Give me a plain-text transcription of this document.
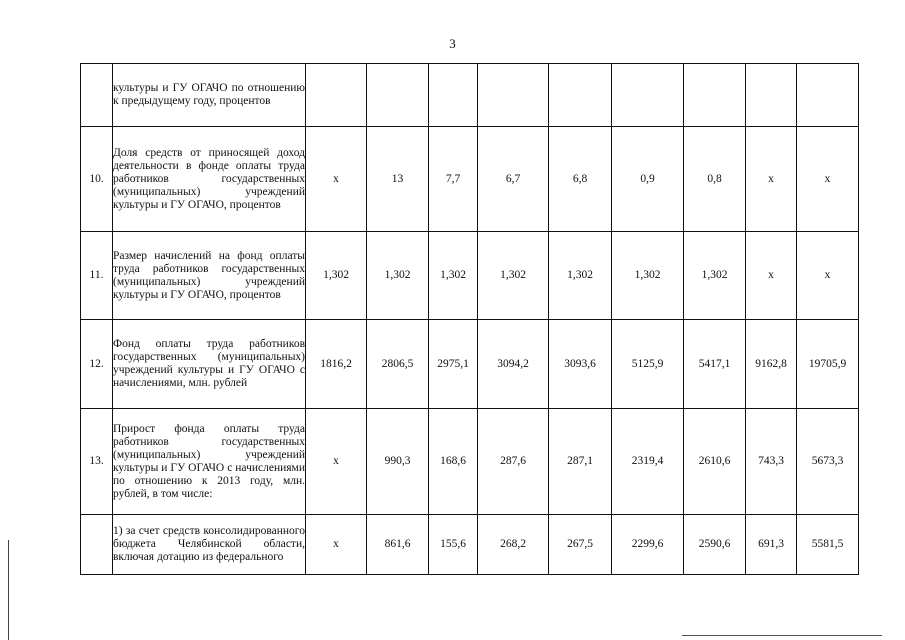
3
	культуры и ГУ ОГАЧО по отношению к предыдущему году, процентов									
10.	Доля средств от приносящей доход деятельности в фонде оплаты труда работников государственных (муниципальных) учреждений культуры и ГУ ОГАЧО, процентов	х	13	7,7	6,7	6,8	0,9	0,8	х	х
11.	Размер начислений на фонд оплаты труда работников государственных (муниципальных) учреждений культуры и ГУ ОГАЧО, процентов	1,302	1,302	1,302	1,302	1,302	1,302	1,302	х	х
12.	Фонд оплаты труда работников государственных (муниципальных) учреждений культуры и ГУ ОГАЧО с начислениями, млн. рублей	1816,2	2806,5	2975,1	3094,2	3093,6	5125,9	5417,1	9162,8	19705,9
13.	Прирост фонда оплаты труда работников государственных (муниципальных) учреждений культуры и ГУ ОГАЧО с начислениями по отношению к 2013 году, млн. рублей, в том числе:	х	990,3	168,6	287,6	287,1	2319,4	2610,6	743,3	5673,3
	1) за счет средств консолидированного бюджета Челябинской области, включая дотацию из федерального	х	861,6	155,6	268,2	267,5	2299,6	2590,6	691,3	5581,5
